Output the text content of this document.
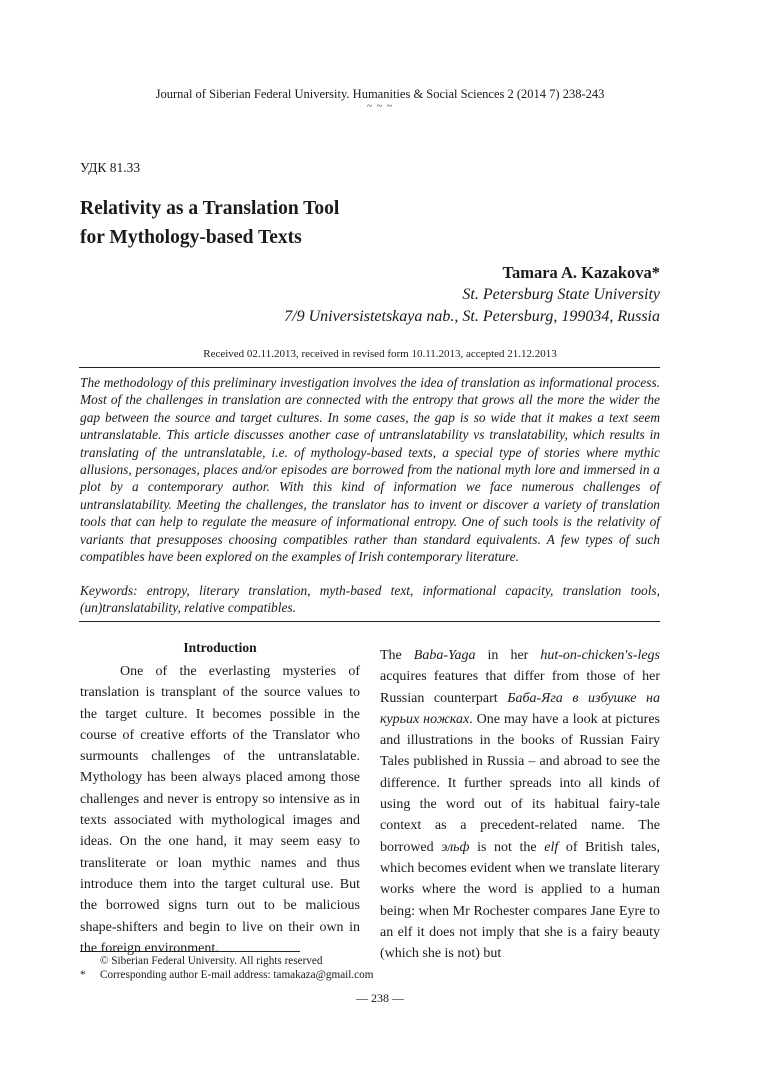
Journal of Siberian Federal University. Humanities & Social Sciences 2 (2014 7) 238-243
~ ~ ~
УДК 81.33
Relativity as a Translation Tool
for Mythology-based Texts
Tamara A. Kazakova*
St. Petersburg State University
7/9 Universistetskaya nab., St. Petersburg, 199034, Russia
Received 02.11.2013, received in revised form 10.11.2013, accepted 21.12.2013
The methodology of this preliminary investigation involves the idea of translation as informational process. Most of the challenges in translation are connected with the entropy that grows all the more the wider the gap between the source and target cultures. In some cases, the gap is so wide that it makes a text seem untranslatable. This article discusses another case of untranslatability vs translatability, which results in translating of the untranslatable, i.e. of mythology-based texts, a special type of stories where mythic allusions, personages, places and/or episodes are borrowed from the national myth lore and immersed in a plot by a contemporary author. With this kind of information we face numerous challenges of untranslatability. Meeting the challenges, the translator has to invent or discover a variety of translation tools that can help to regulate the measure of informational entropy. One of such tools is the relativity of variants that presupposes choosing compatibles rather than standard equivalents. A few types of such compatibles have been explored on the examples of Irish contemporary literature.
Keywords: entropy, literary translation, myth-based text, informational capacity, translation tools, (un)translatability, relative compatibles.
Introduction
One of the everlasting mysteries of translation is transplant of the source values to the target culture. It becomes possible in the course of creative efforts of the Translator who surmounts challenges of the untranslatable. Mythology has been always placed among those challenges and never is entropy so intensive as in texts associated with mythological images and ideas. On the one hand, it may seem easy to transliterate or loan mythic names and thus introduce them into the target cultural use. But the borrowed signs turn out to be malicious shape-shifters and begin to live on their own in the foreign environment.
The Baba-Yaga in her hut-on-chicken's-legs acquires features that differ from those of her Russian counterpart Баба-Яга в избушке на курьих ножках. One may have a look at pictures and illustrations in the books of Russian Fairy Tales published in Russia – and abroad to see the difference. It further spreads into all kinds of using the word out of its habitual fairy-tale context as a precedent-related name. The borrowed эльф is not the elf of British tales, which becomes evident when we translate literary works where the word is applied to a human being: when Mr Rochester compares Jane Eyre to an elf it does not imply that she is a fairy beauty (which she is not) but
© Siberian Federal University. All rights reserved
* Corresponding author E-mail address: tamakaza@gmail.com
— 238 —
